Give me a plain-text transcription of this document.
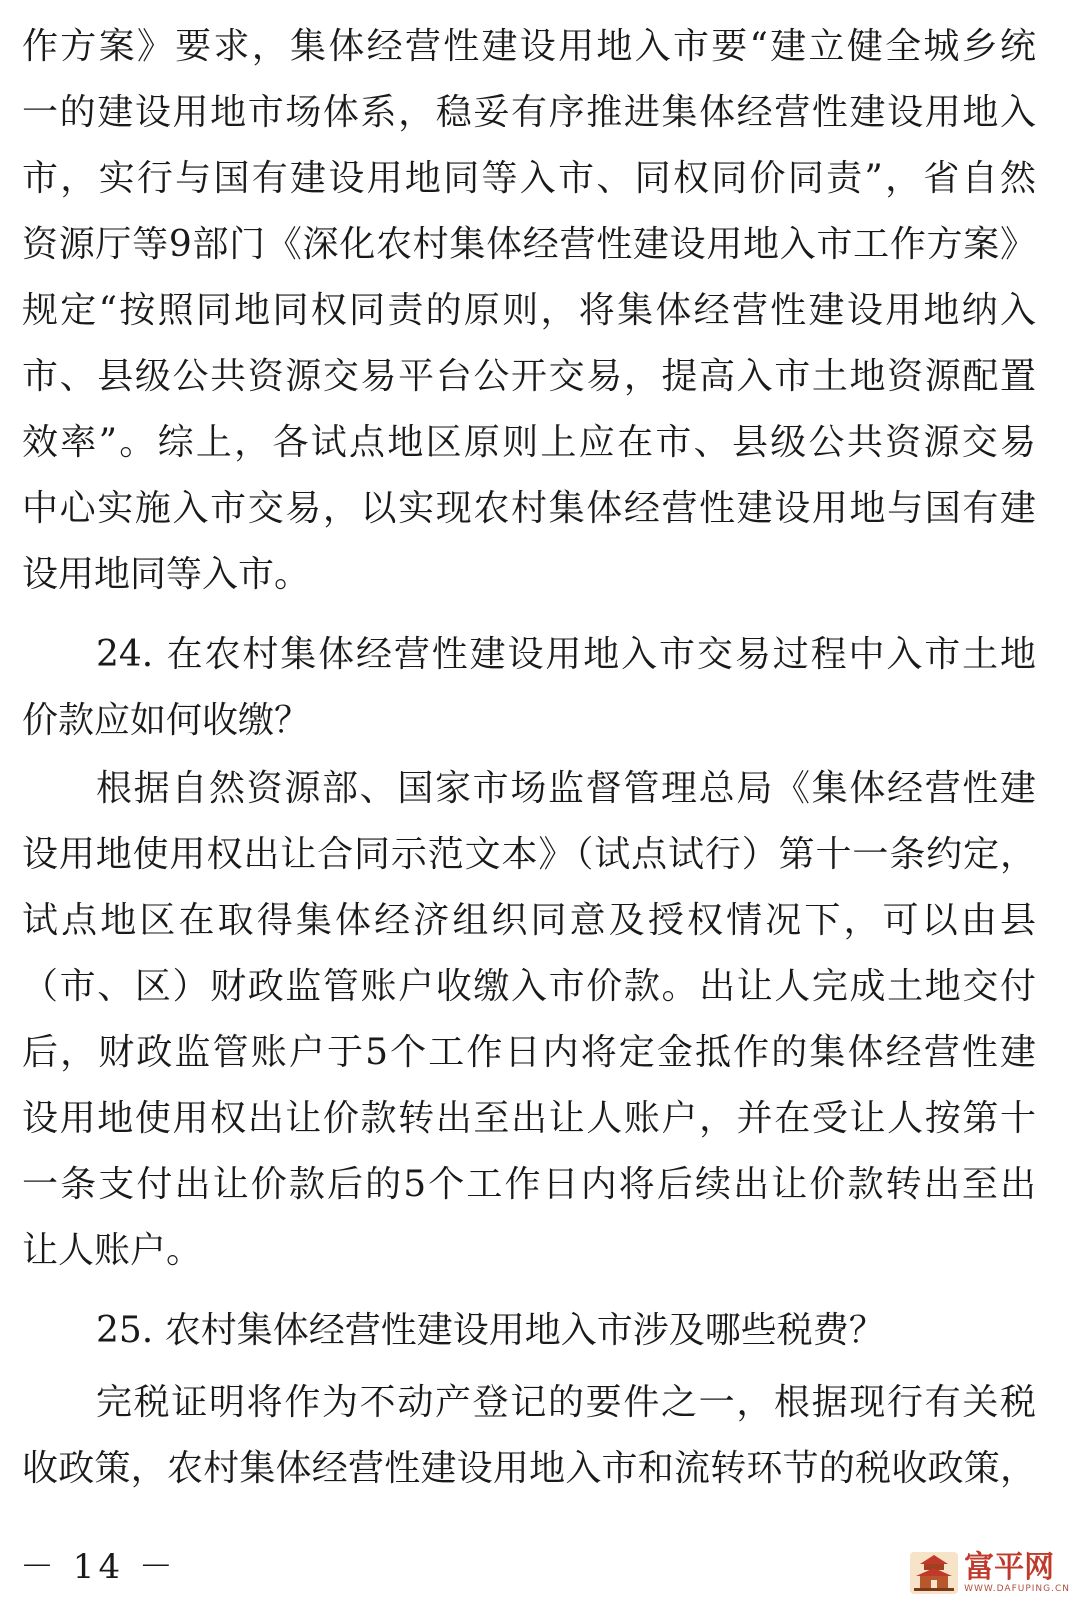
作方案》要求，集体经营性建设用地入市要“建立健全城乡统
一的建设用地市场体系，稳妥有序推进集体经营性建设用地入
市，实行与国有建设用地同等入市、同权同价同责”，省自然
资源厅等9部门《深化农村集体经营性建设用地入市工作方案》
规定“按照同地同权同责的原则，将集体经营性建设用地纳入
市、县级公共资源交易平台公开交易，提高入市土地资源配置
效率”。综上，各试点地区原则上应在市、县级公共资源交易
中心实施入市交易，以实现农村集体经营性建设用地与国有建
设用地同等入市。
24. 在农村集体经营性建设用地入市交易过程中入市土地
价款应如何收缴？
根据自然资源部、国家市场监督管理总局《集体经营性建
设用地使用权出让合同示范文本》（试点试行）第十一条约定，
试点地区在取得集体经济组织同意及授权情况下，可以由县
（市、区）财政监管账户收缴入市价款。出让人完成土地交付
后，财政监管账户于5个工作日内将定金抵作的集体经营性建
设用地使用权出让价款转出至出让人账户，并在受让人按第十
一条支付出让价款后的5个工作日内将后续出让价款转出至出
让人账户。
25. 农村集体经营性建设用地入市涉及哪些税费？
完税证明将作为不动产登记的要件之一，根据现行有关税
收政策，农村集体经营性建设用地入市和流转环节的税收政策，
－ 14 －	富平网
WWW.DAFUPING.CN
